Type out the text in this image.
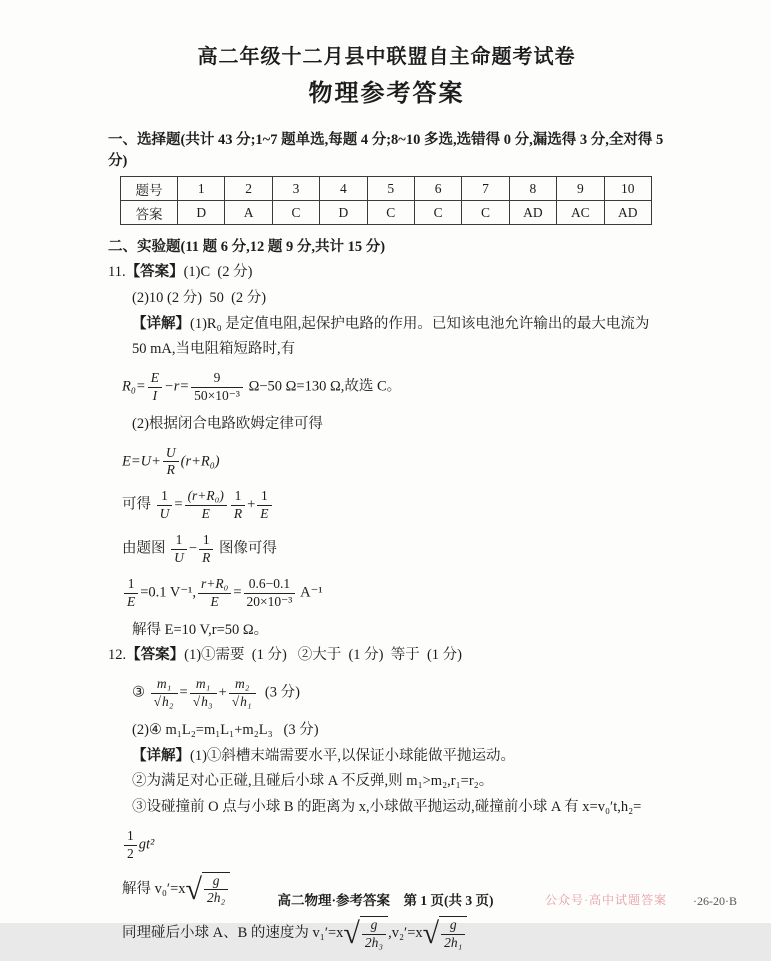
高二年级十二月县中联盟自主命题考试卷
物理参考答案

一、选择题(共计 43 分;1~7 题单选,每题 4 分;8~10 多选,选错得 0 分,漏选得 3 分,全对得 5 分)

题号	1	2	3	4	5	6	7	8	9	10
答案	D	A	C	D	C	C	C	AD	AC	AD

二、实验题(11 题 6 分,12 题 9 分,共计 15 分)

11.【答案】(1)C  (2 分)

(2)10 (2 分)  50  (2 分)

【详解】(1)R₀ 是定值电阻,起保护电路的作用。已知该电池允许输出的最大电流为

50 mA,当电阻箱短路时,有

$R_0= \frac{E}{I} -r= \frac{9}{\text{50×10⁻³}} \Omega-50$ Ω=130 Ω,故选 C。

(2)根据闭合电路欧姆定律可得

$E=U+ \frac{U}{R} (r+R_0)$

可得 $\frac{1}{U} = \frac{\text{(r+R₀)}}{E} \frac{1}{R} + \frac{1}{E}$

由题图 $\frac{1}{U} - \frac{1}{R}$ 图像可得

$\frac{1}{E} =0.1$ V⁻¹, $\frac{\text{r+R₀}}{E} = \frac{0.6-0.1}{\text{20×10⁻³}} A^{-1}$

解得 E=10 V,r=50 Ω。

12.【答案】(1)①需要  (1 分)   ②大于  (1 分)  等于  (1 分)

③ $\frac{\text{m₁}}{\text{√h₂}} = \frac{\text{m₁}}{\text{√h₃}} + \frac{\text{m₂}}{\text{√h₁}} (3$ 分)

(2)④ m₁L₂=m₁L₁+m₂L₃   (3 分)

【详解】(1)①斜槽末端需要水平,以保证小球能做平抛运动。

②为满足对心正碰,且碰后小球 A 不反弹,则 m₁>m₂,r₁=r₂。

③设碰撞前 O 点与小球 B 的距离为 x,小球做平抛运动,碰撞前小球 A 有 x=v₀′t,h₂=

$\frac{1}{2} gt^2$

解得 $v_0'=x√ \frac{g}{\text{2h₂}}$

同理碰后小球 A、B 的速度为 $v_1'=x√ \frac{g}{\text{2h₃}} ,v_2'=x√ \frac{g}{\text{2h₁}}$

高二物理·参考答案　第 1 页(共 3 页)	公众号·高中试题答案 ·26-20·B
